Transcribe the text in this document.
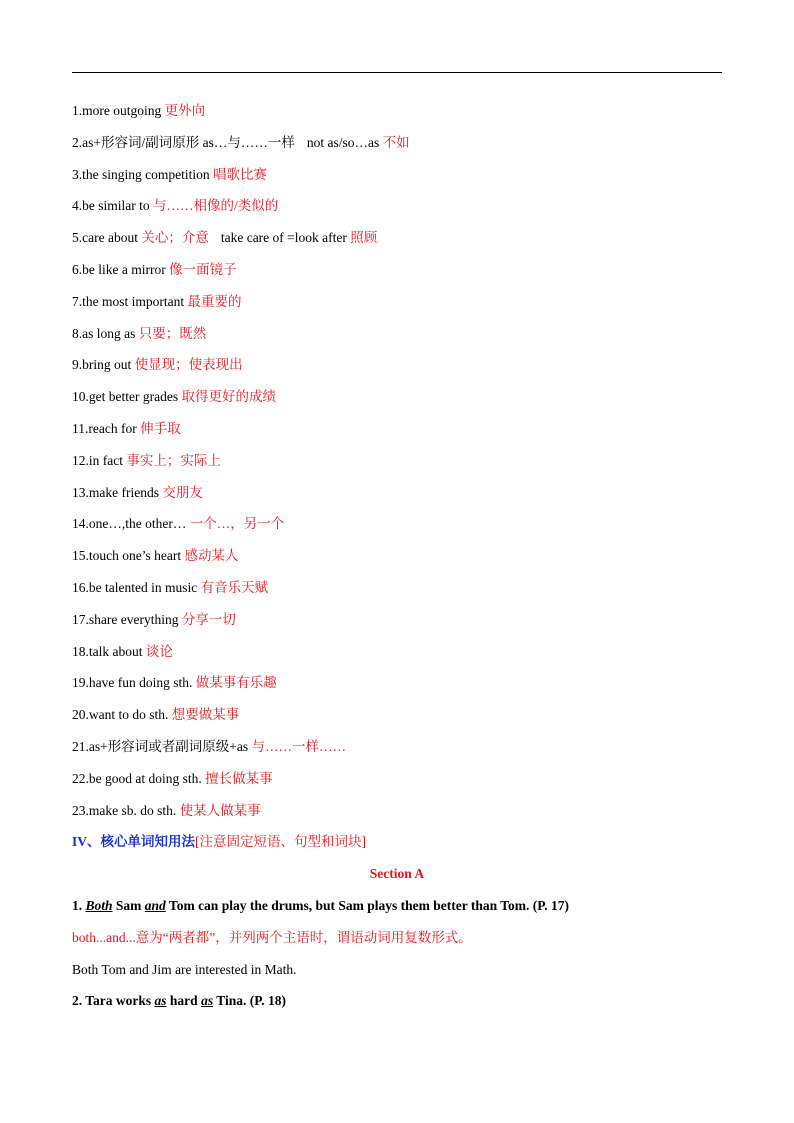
1.more outgoing 更外向
2.as+形容词/副词原形 as…与……一样 not as/so…as 不如
3.the singing competition 唱歌比赛
4.be similar to 与……相像的/类似的
5.care about 关心；介意 take care of =look after 照顾
6.be like a mirror 像一面镜子
7.the most important 最重要的
8.as long as 只要；既然
9.bring out 使显现；使表现出
10.get better grades 取得更好的成绩
11.reach for 伸手取
12.in fact 事实上；实际上
13.make friends 交朋友
14.one…,the other… 一个…，另一个
15.touch one’s heart 感动某人
16.be talented in music 有音乐天赋
17.share everything 分享一切
18.talk about 谈论
19.have fun doing sth. 做某事有乐趣
20.want to do sth. 想要做某事
21.as+形容词或者副词原级+as 与……一样……
22.be good at doing sth. 擅长做某事
23.make sb. do sth. 使某人做某事
IV、核心单词知用法[注意固定短语、句型和词块]
Section A
1. Both Sam and Tom can play the drums, but Sam plays them better than Tom. (P. 17)
both...and...意为“两者都”，并列两个主语时，谓语动词用复数形式。
Both Tom and Jim are interested in Math.
2. Tara works as hard as Tina. (P. 18)
